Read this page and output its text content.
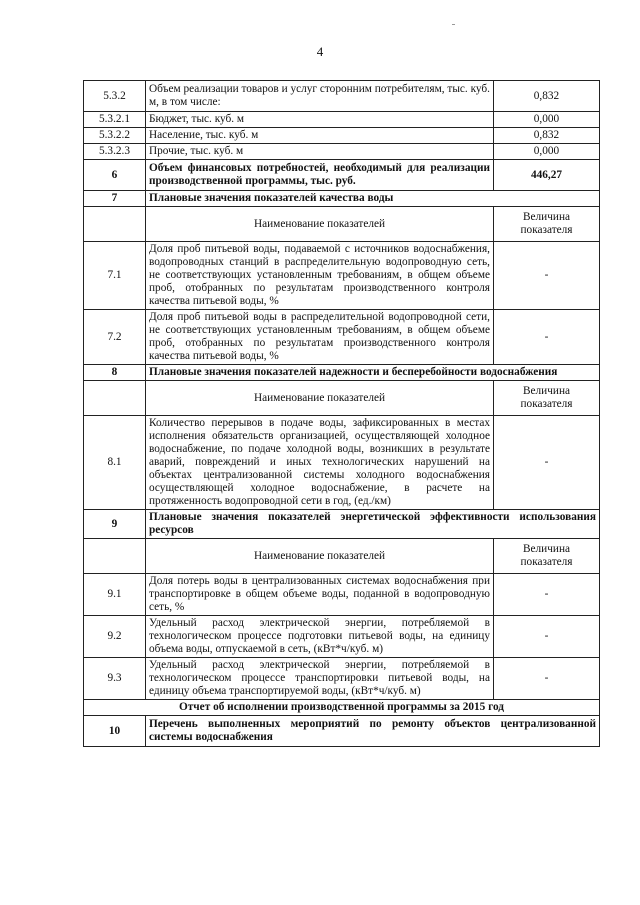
4
5.3.2	Объем реализации товаров и услуг сторонним потребителям, тыс. куб. м, в том числе:	0,832
5.3.2.1	Бюджет, тыс. куб. м	0,000
5.3.2.2	Население, тыс. куб. м	0,832
5.3.2.3	Прочие, тыс. куб. м	0,000
6	Объем финансовых потребностей, необходимый для реализации производственной программы, тыс. руб.	446,27
7	Плановые значения показателей качества воды	
	Наименование показателей	Величина показателя
7.1	Доля проб питьевой воды, подаваемой с источников водоснабжения, водопроводных станций в распределительную водопроводную сеть, не соответствующих установленным требованиям, в общем объеме проб, отобранных по результатам производственного контроля качества питьевой воды, %	-
7.2	Доля проб питьевой воды в распределительной водопроводной сети, не соответствующих установленным требованиям, в общем объеме проб, отобранных по результатам производственного контроля качества питьевой воды, %	-
8	Плановые значения показателей надежности и бесперебойности водоснабжения	
	Наименование показателей	Величина показателя
8.1	Количество перерывов в подаче воды, зафиксированных в местах исполнения обязательств организацией, осуществляющей холодное водоснабжение, по подаче холодной воды, возникших в результате аварий, повреждений и иных технологических нарушений на объектах централизованной системы холодного водоснабжения осуществляющей холодное водоснабжение, в расчете на протяженность водопроводной сети в год, (ед./км)	-
9	Плановые значения показателей энергетической эффективности использования ресурсов	
	Наименование показателей	Величина показателя
9.1	Доля потерь воды в централизованных системах водоснабжения при транспортировке в общем объеме воды, поданной в водопроводную сеть, %	-
9.2	Удельный расход электрической энергии, потребляемой в технологическом процессе подготовки питьевой воды, на единицу объема воды, отпускаемой в сеть, (кВт*ч/куб. м)	-
9.3	Удельный расход электрической энергии, потребляемой в технологическом процессе транспортировки питьевой воды, на единицу объема транспортируемой воды, (кВт*ч/куб. м)	-
Отчет об исполнении производственной программы за 2015 год		
10	Перечень выполненных мероприятий по ремонту объектов централизованной системы водоснабжения	
